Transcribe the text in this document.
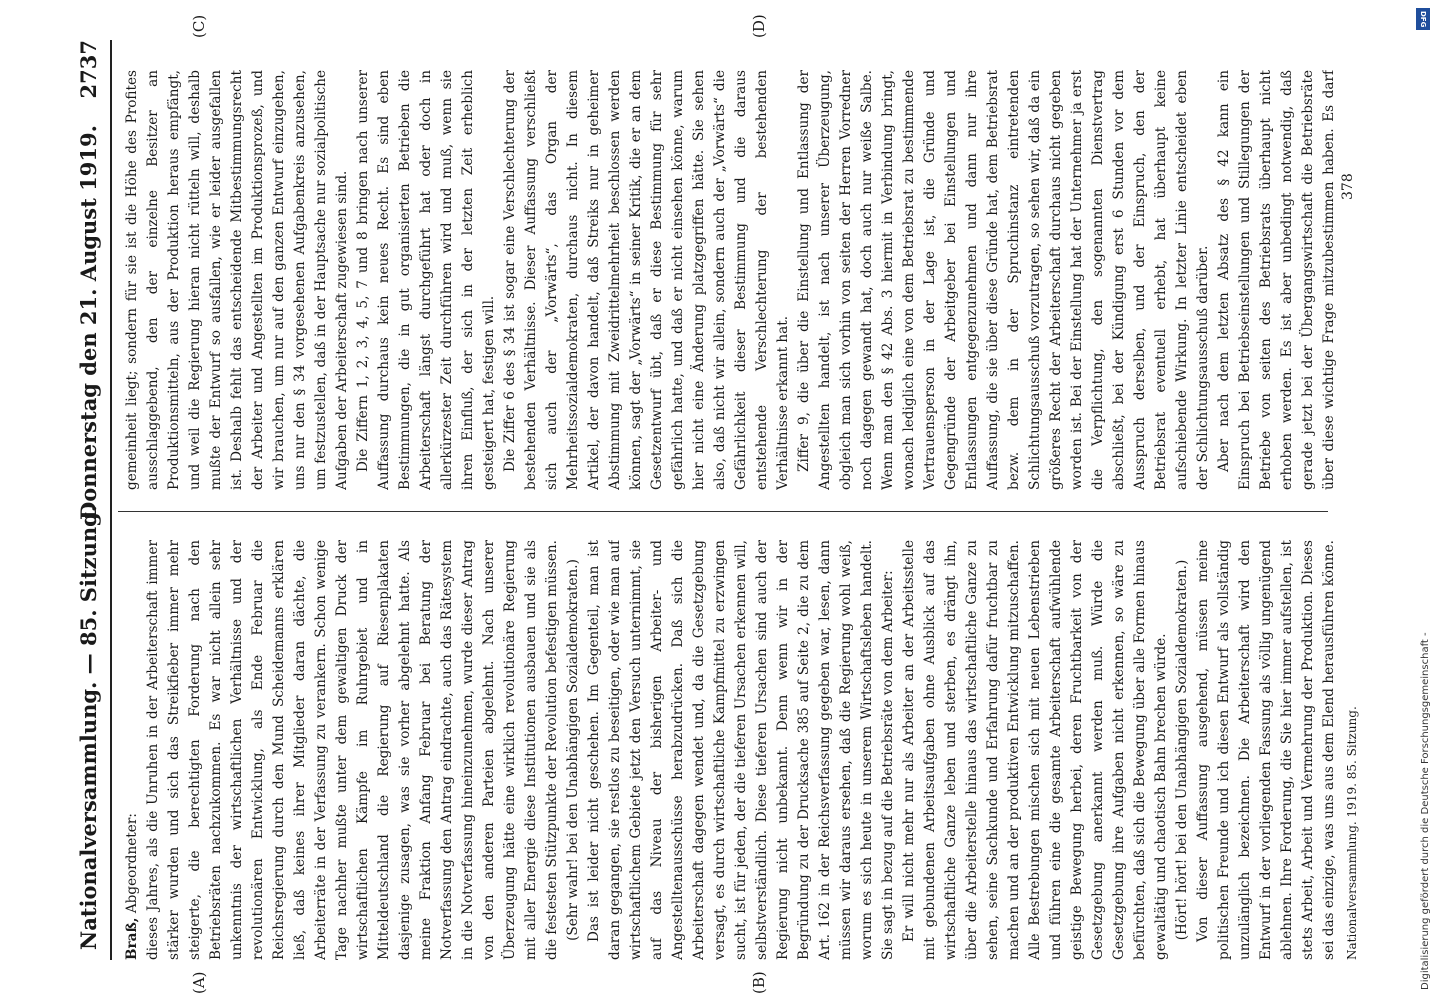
Nationalversammlung. — 85. Sitzung.
Donnerstag den 21. August 1919.
2737
(A)	(B)
(C)	(D)

Braß, Abgeordneter: dieses Jahres, als die Unruhen in der Arbeiterschaft immer stärker wurden und sich das Streikfieber immer mehr steigerte, die berechtigten Forderung nach den Betriebsräten nachzukommen. Es war nicht allein sehr unkenntnis der wirtschaftlichen Verhältnisse und der revolutionären Entwicklung, als Ende Februar die Reichsregierung durch den Mund Scheidemanns erklären ließ, daß keines ihrer Mitglieder daran dächte, die Arbeiterräte in der Verfassung zu verankern. Schon wenige Tage nachher mußte unter dem gewaltigen Druck der wirtschaftlichen Kämpfe im Ruhrgebiet und in Mitteldeutschland die Regierung auf Riesenplakaten dasjenige zusagen, was sie vorher abgelehnt hatte. Als meine Fraktion Anfang Februar bei Beratung der Notverfassung den Antrag eindrachte, auch das Rätesystem in die Notverfassung hineinzunehmen, wurde dieser Antrag von den anderen Parteien abgelehnt. Nach unserer Überzeugung hätte eine wirklich revolutionäre Regierung mit aller Energie diese Institutionen ausbauen und sie als die festesten Stützpunkte der Revolution befestigen müssen. (Sehr wahr! bei den Unabhängigen Sozialdemokraten.) Das ist leider nicht geschehen. Im Gegenteil, man ist daran gegangen, sie restlos zu beseitigen, oder wie man auf wirtschaftlichem Gebiete jetzt den Versuch unternimmt, sie auf das Niveau der bisherigen Arbeiter- und Angestelltenausschüsse herabzudrücken. Daß sich die Arbeiterschaft dagegen wendet und, da die Gesetzgebung versagt, es durch wirtschaftliche Kampfmittel zu erzwingen sucht, ist für jeden, der die tieferen Ursachen erkennen will, selbstverständlich. Diese tieferen Ursachen sind auch der Regierung nicht unbekannt. Denn wenn wir in der Begründung zu der Drucksache 385 auf Seite 2, die zu dem Art. 162 in der Reichsverfassung gegeben war, lesen, dann müssen wir daraus ersehen, daß die Regierung wohl weiß, worum es sich heute in unserem Wirtschaftsleben handelt. Sie sagt in bezug auf die Betriebsräte von dem Arbeiter: Er will nicht mehr nur als Arbeiter an der Arbeitsstelle mit gebundenen Arbeitsaufgaben ohne Ausblick auf das wirtschaftliche Ganze leben und sterben, es drängt ihn, über die Arbeiterstelle hinaus das wirtschaftliche Ganze zu sehen, seine Sachkunde und Erfahrung dafür fruchtbar zu machen und an der produktiven Entwicklung mitzuschaffen. Alle Bestrebungen mischen sich mit neuen Lebenstrieben und führen eine die gesamte Arbeiterschaft aufwühlende geistige Bewegung herbei, deren Fruchtbarkeit von der Gesetzgebung anerkannt werden muß. Würde die Gesetzgebung ihre Aufgaben nicht erkennen, so wäre zu befürchten, daß sich die Bewegung über alle Formen hinaus gewaltätig und chaotisch Bahn brechen würde. (Hört! hört! bei den Unabhängigen Sozialdemokraten.) Von dieser Auffassung ausgehend, müssen meine politischen Freunde und ich diesen Entwurf als vollständig unzulänglich bezeichnen. Die Arbeiterschaft wird den Entwurf in der vorliegenden Fassung als völlig ungenügend ablehnen. Ihre Forderung, die Sie hier immer aufstellen, ist stets Arbeit, Arbeit und Vermehrung der Produktion. Dieses sei das einzige, was uns aus dem Elend herausführen könne.

gemeinheit liegt; sondern für sie ist die Höhe des Profites ausschlaggebend, den der einzelne Besitzer an Produktionsmitteln, aus der Produktion heraus empfängt, und weil die Regierung hieran nicht rütteln will, deshalb mußte der Entwurf so ausfallen, wie er leider ausgefallen ist. Deshalb fehlt das entscheidende Mitbestimmungsrecht der Arbeiter und Angestellten im Produktionsprozeß, und wir brauchen, um nur auf den ganzen Entwurf einzugehen, uns nur den § 34 vorgesehenen Aufgabenkreis anzusehen, um festzustellen, daß in der Hauptsache nur sozialpolitische Aufgaben der Arbeiterschaft zugewiesen sind. Die Ziffern 1, 2, 3, 4, 5, 7 und 8 bringen nach unserer Auffassung durchaus kein neues Recht. Es sind eben Bestimmungen, die in gut organisierten Betrieben die Arbeiterschaft längst durchgeführt hat oder doch in allerkürzester Zeit durchführen wird und muß, wenn sie ihren Einfluß, der sich in der letzten Zeit erheblich gesteigert hat, festigen will. Die Ziffer 6 des § 34 ist sogar eine Verschlechterung der bestehenden Verhältnisse. Dieser Auffassung verschließt sich auch der „Vorwärts“, das Organ der Mehrheitssozialdemokraten, durchaus nicht. In diesem Artikel, der davon handelt, daß Streiks nur in geheimer Abstimmung mit Zweidrittelmehrheit beschlossen werden können, sagt der „Vorwärts“ in seiner Kritik, die er an dem Gesetzentwurf übt, daß er diese Bestimmung für sehr gefährlich hatte, und daß er nicht einsehen könne, warum hier nicht eine Änderung platzgegriffen hätte. Sie sehen also, daß nicht wir allein, sondern auch der „Vorwärts“ die Gefährlichkeit dieser Bestimmung und die daraus entstehende Verschlechterung der bestehenden Verhältnisse erkannt hat. Ziffer 9, die über die Einstellung und Entlassung der Angestellten handelt, ist nach unserer Überzeugung, obgleich man sich vorhin von seiten der Herren Vorredner noch dagegen gewandt hat, doch auch nur weiße Salbe. Wenn man den § 42 Abs. 3 hiermit in Verbindung bringt, wonach lediglich eine von dem Betriebsrat zu bestimmende Vertrauensperson in der Lage ist, die Gründe und Gegengründe der Arbeitgeber bei Einstellungen und Entlassungen entgegenzunehmen und dann nur ihre Auffassung, die sie über diese Gründe hat, dem Betriebsrat bezw. dem in der Spruchinstanz eintretenden Schlichtungsausschuß vorzutragen, so sehen wir, daß da ein größeres Recht der Arbeiterschaft durchaus nicht gegeben worden ist. Bei der Einstellung hat der Unternehmer ja erst die Verpflichtung, den sogenannten Dienstvertrag abschließt, bei der Kündigung erst 6 Stunden vor dem Ausspruch derselben, und der Einspruch, den der Betriebsrat eventuell erhebt, hat überhaupt keine aufschiebende Wirkung. In letzter Linie entscheidet eben der Schlichtungsausschuß darüber. Aber nach dem letzten Absatz des § 42 kann ein Einspruch bei Betriebseinstellungen und Stillegungen der Betriebe von seiten des Betriebsrats überhaupt nicht erhoben werden. Es ist aber unbedingt notwendig, daß gerade jetzt bei der Übergangswirtschaft die Betriebsräte über diese wichtige Frage mitzubestimmen haben. Es darf

Nationalversammlung. 1919. 85. Sitzung.
378
Digitalisierung gefördert durch die Deutsche Forschungsgemeinschaft -
DFG
